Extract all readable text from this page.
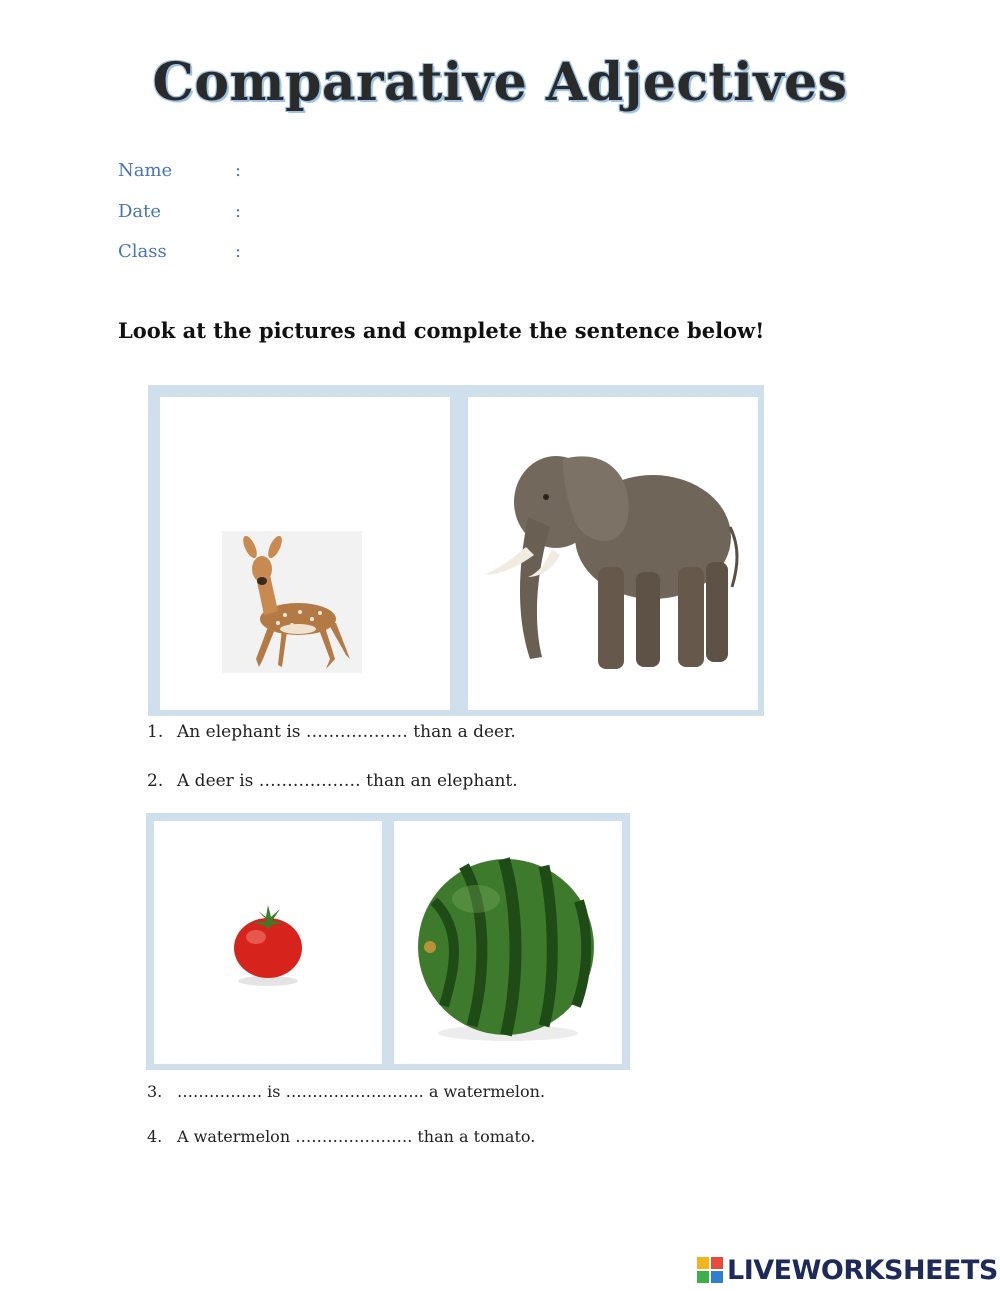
Comparative Adjectives
Name	:
Date	:
Class	:
Look at the pictures and complete the sentence below!
1. An elephant is ……………… than a deer.
2. A deer is ……………… than an elephant.
3. ……………. is …………………….. a watermelon.
4. A watermelon …………………. than a tomato.
LIVEWORKSHEETS
